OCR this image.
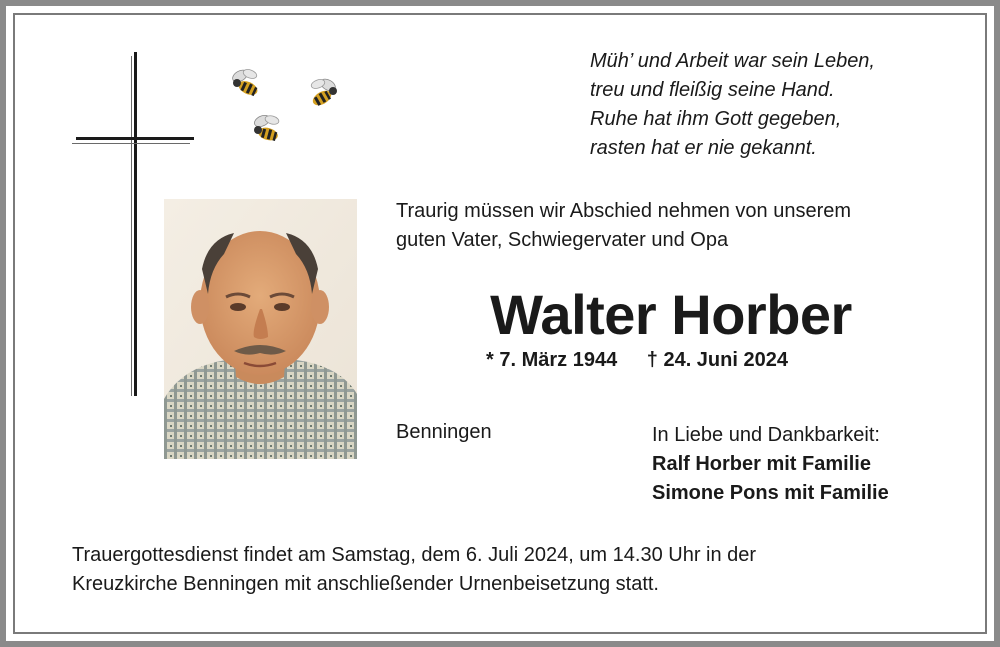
Müh’ und Arbeit war sein Leben,
treu und fleißig seine Hand.
Ruhe hat ihm Gott gegeben,
rasten hat er nie gekannt.
Traurig müssen wir Abschied nehmen von unserem
guten Vater, Schwiegervater und Opa
Walter Horber
* 7. März 1944 † 24. Juni 2024
Benningen	In Liebe und Dankbarkeit:
Ralf Horber mit Familie
Simone Pons mit Familie
Trauergottesdienst findet am Samstag, dem 6. Juli 2024, um 14.30 Uhr in der
Kreuzkirche Benningen mit anschließender Urnenbeisetzung statt.
